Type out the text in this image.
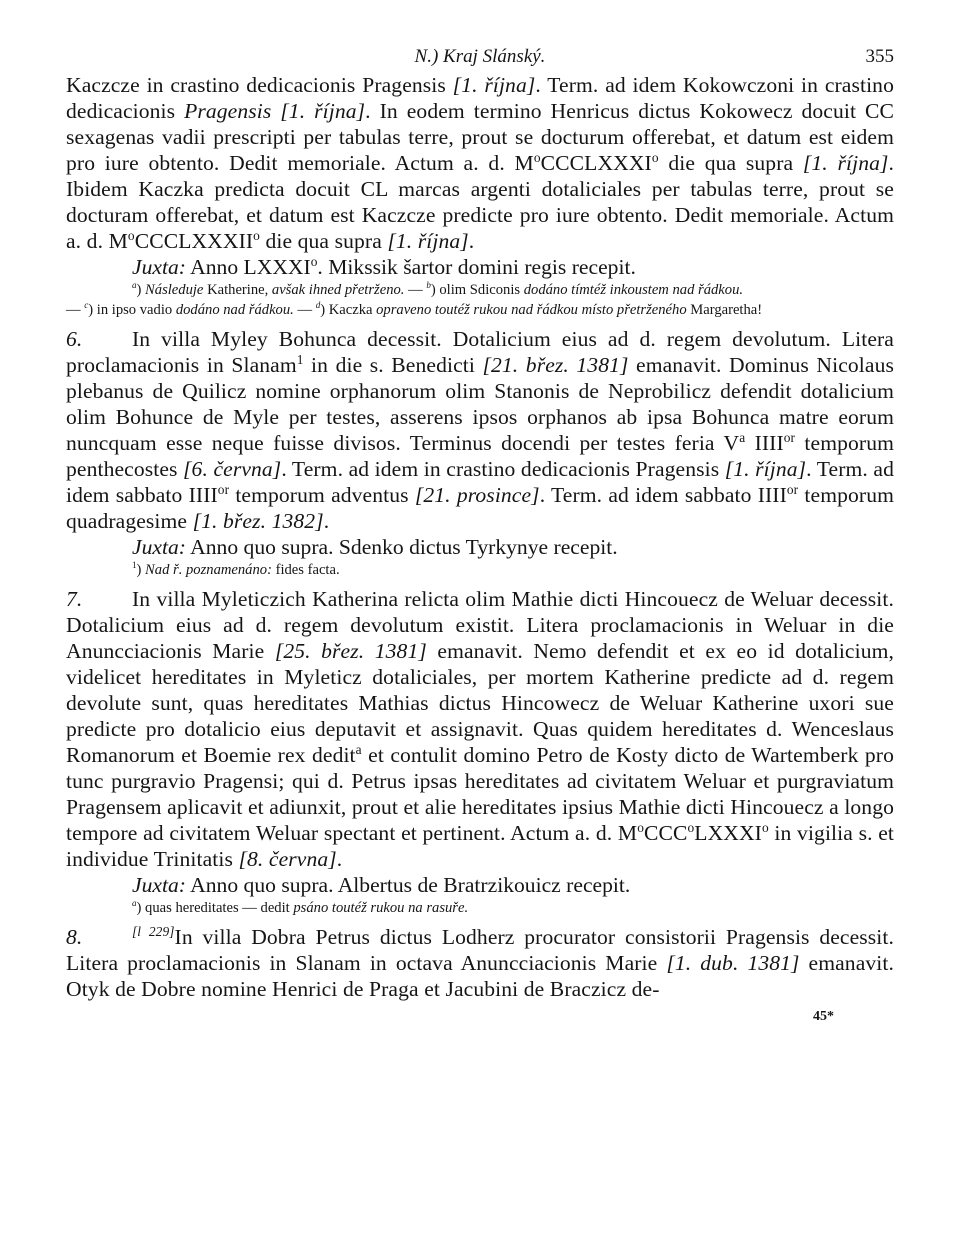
N.) Kraj Slánský.	355

Kaczcze in crastino dedicacionis Pragensis [1. října]. Term. ad idem Kokowczoni in crastino dedicacionis Pragensis [1. října]. In eodem termino Henricus dictus Kokowecz docuit CC sexagenas vadii prescripti per tabulas terre, prout se docturum offerebat, et datum est eidem pro iure obtento. Dedit memoriale. Actum a. d. $M^oCCCLXXXI^o$ die qua supra [1. října]. Ibidem Kaczka predicta docuit CL marcas argenti dotaliciales per tabulas terre, prout se docturam offerebat, et datum est Kaczcze predicte pro iure obtento. Dedit memoriale. Actum a. d. $M^oCCCLXXXII^o$ die qua supra [1. října].

Juxta: Anno LXXXI$^o$. Mikssik šartor domini regis recepit.

$^a$) Následuje Katherine, avšak ihned přetrženo. — $^b$) olim Sdiconis dodáno tímtéž inkoustem nad řádkou.

— $^c$) in ipso vadio dodáno nad řádkou. — $^d$) Kaczka opraveno toutéž rukou nad řádkou místo přetrženého Margaretha!

6. In villa Myley Bohunca decessit. Dotalicium eius ad d. regem devolutum. Litera proclamacionis in Slanam$^1$ in die s. Benedicti [21. břez. 1381] emanavit. Dominus Nicolaus plebanus de Quilicz nomine orphanorum olim Stanonis de Neprobilicz defendit dotalicium olim Bohunce de Myle per testes, asserens ipsos orphanos ab ipsa Bohunca matre eorum nuncquam esse neque fuisse divisos. Terminus docendi per testes feria $V^a$ $IIII^{or}$ temporum penthecostes [6. června]. Term. ad idem in crastino dedicacionis Pragensis [1. října]. Term. ad idem sabbato $IIII^{or}$ temporum adventus [21. prosince]. Term. ad idem sabbato $IIII^{or}$ temporum quadragesime [1. břez. 1382].

Juxta: Anno quo supra. Sdenko dictus Tyrkynye recepit.

$^1$) Nad ř. poznamenáno: fides facta.

7. In villa Myleticzich Katherina relicta olim Mathie dicti Hincouecz de Weluar decessit. Dotalicium eius ad d. regem devolutum existit. Litera proclamacionis in Weluar in die Anuncciacionis Marie [25. břez. 1381] emanavit. Nemo defendit et ex eo id dotalicium, videlicet hereditates in Myleticz dotaliciales, per mortem Katherine predicte ad d. regem devolute sunt, quas hereditates Mathias dictus Hincowecz de Weluar Katherine uxori sue predicte pro dotalicio eius deputavit et assignavit. Quas quidem hereditates d. Wenceslaus Romanorum et Boemie rex dedit$^a$ et contulit domino Petro de Kosty dicto de Wartemberk pro tunc purgravio Pragensi; qui d. Petrus ipsas hereditates ad civitatem Weluar et purgraviatum Pragensem aplicavit et adiunxit, prout et alie hereditates ipsius Mathie dicti Hincouecz a longo tempore ad civitatem Weluar spectant et pertinent. Actum a. d. $M^oCCC^oLXXXI^o$ in vigilia s. et individue Trinitatis [8. června].

Juxta: Anno quo supra. Albertus de Bratrzikouicz recepit.

$^a$) quas hereditates — dedit psáno toutéž rukou na rasuře.

8.	[l 229]In villa Dobra Petrus dictus Lodherz procurator consistorii Pragensis decessit. Litera proclamacionis in Slanam in octava Anuncciacionis Marie [1. dub. 1381] emanavit. Otyk de Dobre nomine Henrici de Praga et Jacubini de Braczicz de-

45*
